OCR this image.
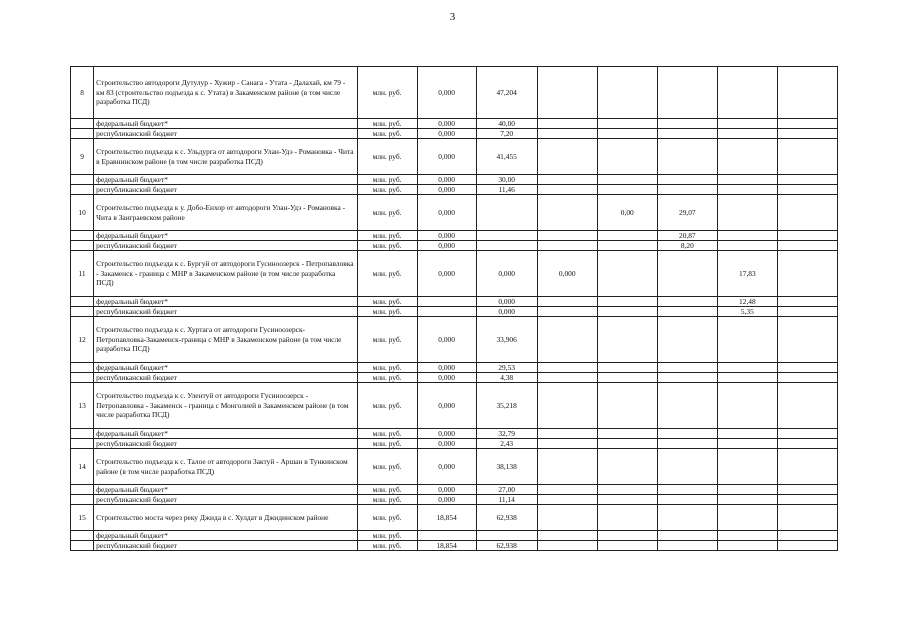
3
8	Строительство автодороги Дутулур - Хужир - Санага - Утата - Далахай, км 79 - км 83 (строительство подъезда к с. Утата) в Закаменском районе (в том числе разработка ПСД)	млн. руб.	0,000	47,204					
	федеральный бюджет*	млн. руб.	0,000	40,00					
	республиканский бюджет	млн. руб.	0,000	7,20					
9	Строительство подъезда к с. Ульдурга от автодороги Улан-Удэ - Романовка - Чита в Еравнинском районе (в том числе разработка ПСД)	млн. руб.	0,000	41,455					
	федеральный бюджет*	млн. руб.	0,000	30,00					
	республиканский бюджет	млн. руб.	0,000	11,46					
10	Строительство подъезда к у. Добо-Енхор от автодороги Улан-Удэ - Романовка - Чита в Заиграевском районе	млн. руб.	0,000			0,00	29,07		
	федеральный бюджет*	млн. руб.	0,000				20,87		
	республиканский бюджет	млн. руб.	0,000				8,20		
11	Строительство подъезда к с. Бургуй от автодороги Гусиноозерск - Петропавловка - Закаменск - граница с МНР в Закаменском районе (в том числе разработка ПСД)	млн. руб.	0,000	0,000	0,000			17,83	
	федеральный бюджет*	млн. руб.		0,000				12,48	
	республиканский бюджет	млн. руб.		0,000				5,35	
12	Строительство подъезда к с. Хуртага от автодороги Гусиноозерск-Петропавловка-Закаменск-граница с МНР в Закаменском районе (в том числе разработка ПСД)	млн. руб.	0,000	33,906					
	федеральный бюджет*	млн. руб.	0,000	29,53					
	республиканский бюджет	млн. руб.	0,000	4,38					
13	Строительство подъезда к с. Улентуй от автодороги Гусиноозерск - Петропавловка - Закаменск - граница с Монголией в Закаменском районе (в том числе разработка ПСД)	млн. руб.	0,000	35,218					
	федеральный бюджет*	млн. руб.	0,000	32,79					
	республиканский бюджет	млн. руб.	0,000	2,43					
14	Строительство подъезда к с. Талое от автодороги Зактуй - Аршан в Тункинском районе (в том числе разработка ПСД)	млн. руб.	0,000	38,138					
	федеральный бюджет*	млн. руб.	0,000	27,00					
	республиканский бюджет	млн. руб.	0,000	11,14					
15	Строительство моста через реку Джида в с. Хулдат в Джидинском районе	млн. руб.	18,854	62,938					
	федеральный бюджет*	млн. руб.							
	республиканский бюджет	млн. руб.	18,854	62,938					
